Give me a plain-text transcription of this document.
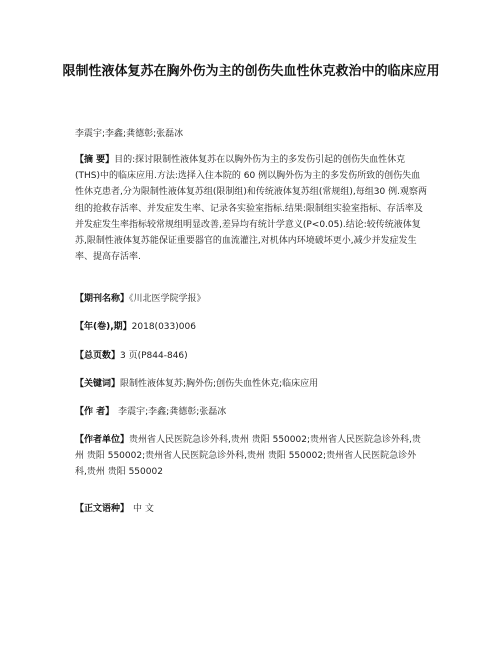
限制性液体复苏在胸外伤为主的创伤失血性休克救治中的临床应用
李震宇;李鑫;龚德彰;张磊冰
【摘 要】目的:探讨限制性液体复苏在以胸外伤为主的多发伤引起的创伤失血性休克(THS)中的临床应用.方法:选择入住本院的 60 例以胸外伤为主的多发伤所致的创伤失血性休克患者,分为限制性液体复苏组(限制组)和传统液体复苏组(常规组),每组30 例.观察两组的抢救存活率、并发症发生率、记录各实验室指标.结果:限制组实验室指标、存活率及并发症发生率指标较常规组明显改善,差异均有统计学意义(P<0.05).结论:较传统液体复苏,限制性液体复苏能保证重要器官的血流灌注,对机体内环境破坏更小,减少并发症发生率、提高存活率.
【期刊名称】《川北医学院学报》
【年(卷),期】2018(033)006
【总页数】3 页(P844-846)
【关键词】限制性液体复苏;胸外伤;创伤失血性休克;临床应用
【作 者】 李震宇;李鑫;龚德彰;张磊冰
【作者单位】贵州省人民医院急诊外科,贵州 贵阳 550002;贵州省人民医院急诊外科,贵州 贵阳 550002;贵州省人民医院急诊外科,贵州 贵阳 550002;贵州省人民医院急诊外科,贵州 贵阳 550002
【正文语种】 中 文
